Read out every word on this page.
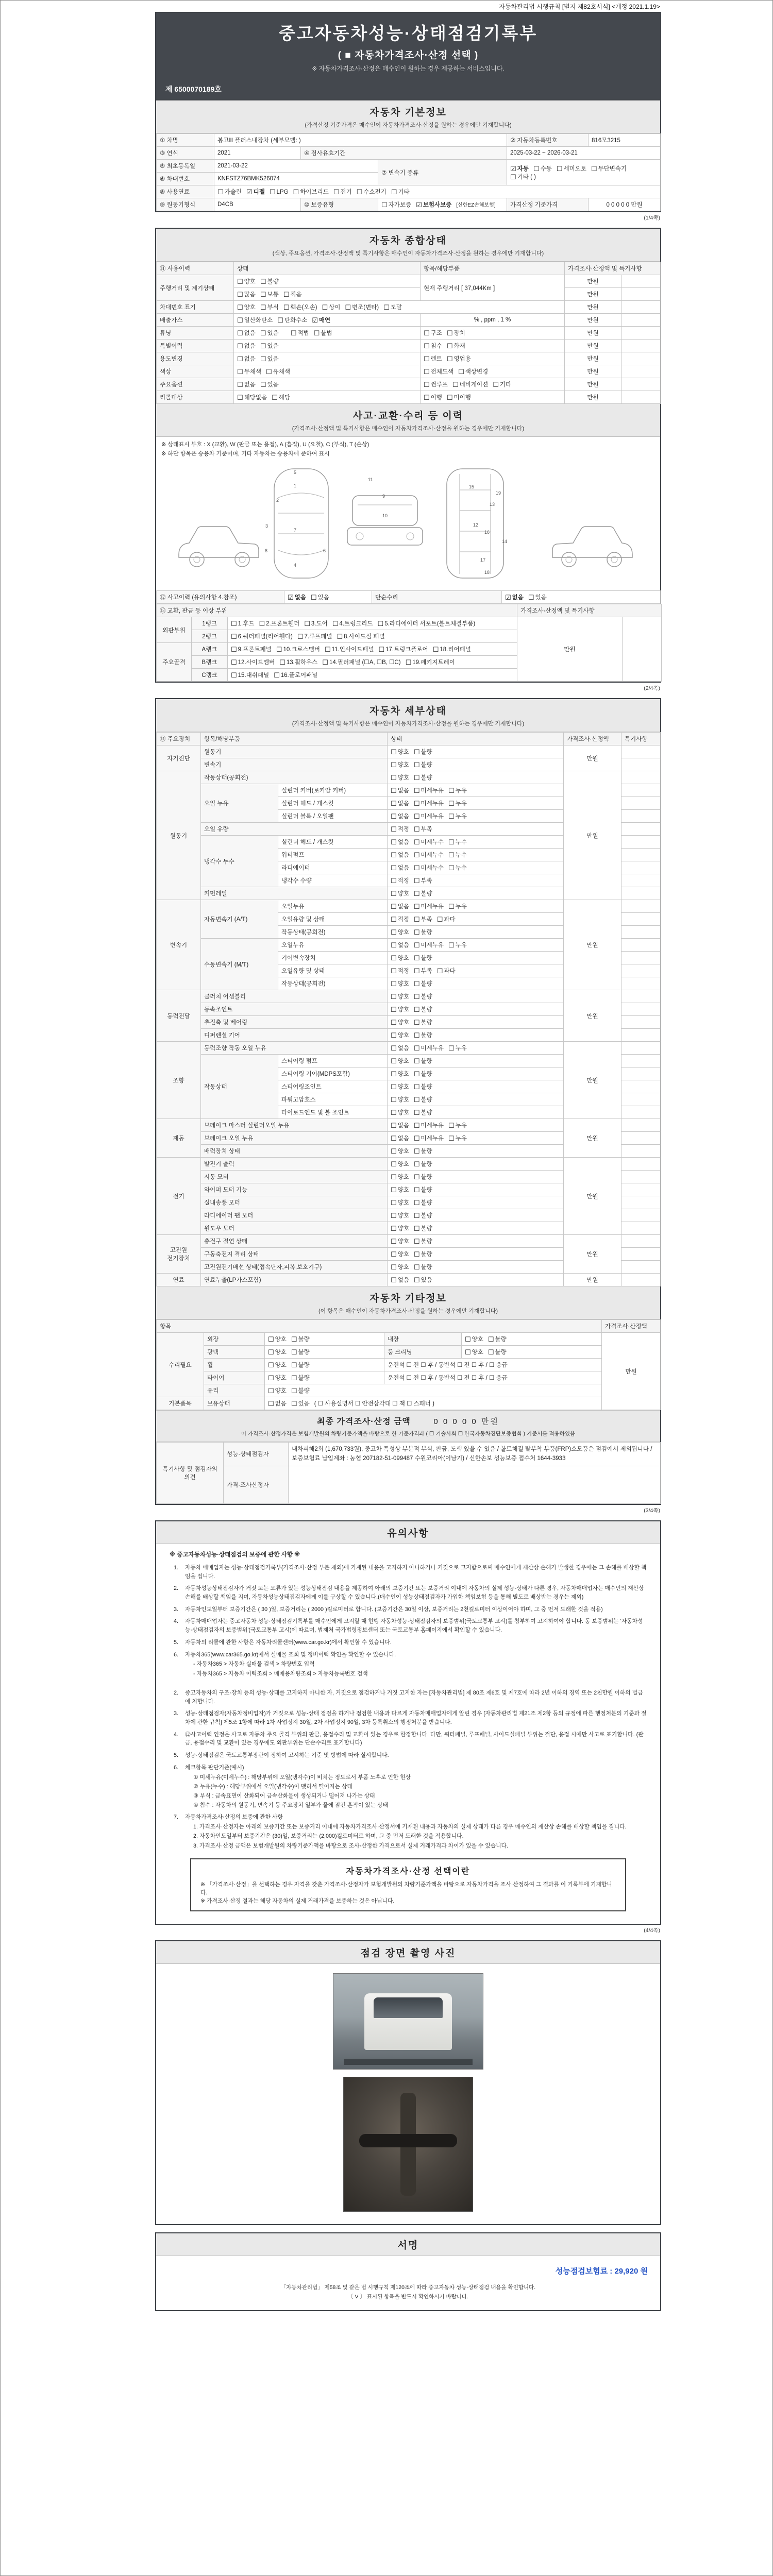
자동차관리법 시행규칙 [별지 제82호서식] <개정 2021.1.19>
중고자동차성능·상태점검기록부
( ■ 자동차가격조사·산정 선택 )
※ 자동차가격조사·산정은 매수인이 원하는 경우 제공하는 서비스입니다.
제 6500070189호
자동차 기본정보
(가격산정 기준가격은 매수인이 자동차가격조사·산정을 원하는 경우에만 기재합니다)
① 차명	봉고Ⅲ 플러스내장차 (세부모델: )			② 자동차등록번호	816모3215
③ 연식	2021	④ 검사유효기간		2025-03-22 ~ 2026-03-21	
⑤ 최초등록일	2021-03-22		⑦ 변속기 종류	☑ 자동 ☐ 수동 ☐ 세미오토 ☐ 무단변속기☐ 기타 ( )	
⑥ 차대번호	KNFSTZ76BMK526074				
⑧ 사용연료	☐ 가솔린 ☑ 디젤 ☐ LPG ☐ 하이브리드 ☐ 전기 ☐ 수소전기 ☐ 기타				
⑨ 원동기형식	D4CB	⑩ 보증유형	☐ 자가보증 ☑ 보험사보증 [신한EZ손해보험]	가격산정 기준가격	0 0 0 0 0 만원
(1/4쪽)
자동차 종합상태
(색상, 주요옵션, 가격조사·산정액 및 특기사항은 매수인이 자동차가격조사·산정을 원하는 경우에만 기재합니다)
⑪ 사용이력	상태	항목/해당부품	가격조사·산정액 및 특기사항	
주행거리 및 계기상태	☐ 양호 ☐ 불량	현재 주행거리 [ 37,044Km ]	만원	
	☐ 많음 ☐ 보통 ☐ 적음		만원	
차대번호 표기	☐ 양호 ☐ 부식 ☐ 훼손(오손) ☐ 상이 ☐ 변조(변타) ☐ 도말		만원	
배출가스	☐ 일산화탄소 ☐ 탄화수소 ☑ 매연	% , ppm , 1 %	만원	
튜닝	☐ 없음 ☐ 있음 ☐ 적법 ☐ 불법	☐ 구조 ☐ 장치	만원	
특별이력	☐ 없음 ☐ 있음	☐ 침수 ☐ 화재	만원	
용도변경	☐ 없음 ☐ 있음	☐ 렌트 ☐ 영업용	만원	
색상	☐ 무채색 ☐ 유채색	☐ 전체도색 ☐ 색상변경	만원	
주요옵션	☐ 없음 ☐ 있음	☐ 썬루프 ☐ 네비게이션 ☐ 기타	만원	
리콜대상	☐ 해당없음 ☐ 해당	☐ 이행 ☐ 미이행	만원	
사고·교환·수리 등 이력
(가격조사·산정액 및 특기사항은 매수인이 자동차가격조사·산정을 원하는 경우에만 기재합니다)
※ 상태표시 부호 : X (교환), W (판금 또는 용접), A (흠집), U (요철), C (부식), T (손상)
※ 하단 항목은 승용차 기준이며, 기타 자동차는 승용차에 준하여 표시
1
2
3
4
5
6
7
8
9
10
11
12
13
14
15
16
17
18
19
⑫ 사고이력 (유의사항 4.참조)	☑ 없음 ☐ 있음	단순수리	☑ 없음 ☐ 있음
⑬ 교환, 판금 등 이상 부위			가격조사·산정액 및 특기사항	
외판부위	1랭크	☐ 1.후드 ☐ 2.프론트휀더 ☐ 3.도어 ☐ 4.트렁크리드 ☐ 5.라디에이터 서포트(볼트체결부품)	만원	
	2랭크	☐ 6.쿼더패널(리어휀다) ☐ 7.루프패널 ☐ 8.사이드실 패널		
주요골격	A랭크	☐ 9.프론트패널 ☐ 10.크로스멤버 ☐ 11.인사이드패널 ☐ 17.트렁크플로어 ☐ 18.리어패널		
	B랭크	☐ 12.사이드멤버 ☐ 13.휠하우스 ☐ 14.필러패널 (☐A, ☐B, ☐C) ☐ 19.페키지트레이		
	C랭크	☐ 15.대쉬패널 ☐ 16.플로어패널		
(2/4쪽)
자동차 세부상태
(가격조사·산정액 및 특기사항은 매수인이 자동차가격조사·산정을 원하는 경우에만 기재합니다)
⑭ 주요장치	항목/해당부품		상태	가격조사·산정액	특기사항
자기진단	원동기		☐ 양호 ☐ 불량	만원	
	변속기		☐ 양호 ☐ 불량		
원동기	작동상태(공회전)		☐ 양호 ☐ 불량	만원	
	오일 누유	실린더 커버(로커암 커버)	☐ 없음 ☐ 미세누유 ☐ 누유		
		실린더 헤드 / 개스킷	☐ 없음 ☐ 미세누유 ☐ 누유		
		실린더 블록 / 오일팬	☐ 없음 ☐ 미세누유 ☐ 누유		
	오일 유량		☐ 적정 ☐ 부족		
	냉각수 누수	실린더 헤드 / 개스킷	☐ 없음 ☐ 미세누수 ☐ 누수		
		워터펌프	☐ 없음 ☐ 미세누수 ☐ 누수		
		라디에이터	☐ 없음 ☐ 미세누수 ☐ 누수		
		냉각수 수량	☐ 적정 ☐ 부족		
	커먼레일		☐ 양호 ☐ 불량		
변속기	자동변속기 (A/T)	오일누유	☐ 없음 ☐ 미세누유 ☐ 누유	만원	
		오일유량 및 상태	☐ 적정 ☐ 부족 ☐ 과다		
		작동상태(공회전)	☐ 양호 ☐ 불량		
	수동변속기 (M/T)	오일누유	☐ 없음 ☐ 미세누유 ☐ 누유		
		기어변속장치	☐ 양호 ☐ 불량		
		오일유량 및 상태	☐ 적정 ☐ 부족 ☐ 과다		
		작동상태(공회전)	☐ 양호 ☐ 불량		
동력전달	클러치 어셈블리		☐ 양호 ☐ 불량	만원	
	등속조인트		☐ 양호 ☐ 불량		
	추진축 및 베어링		☐ 양호 ☐ 불량		
	디퍼렌셜 기어		☐ 양호 ☐ 불량		
조향	동력조향 작동 오일 누유		☐ 없음 ☐ 미세누유 ☐ 누유	만원	
	작동상태	스티어링 펌프	☐ 양호 ☐ 불량		
		스티어링 기어(MDPS포함)	☐ 양호 ☐ 불량		
		스티어링조인트	☐ 양호 ☐ 불량		
		파워고압호스	☐ 양호 ☐ 불량		
		타이로드엔드 및 볼 조인트	☐ 양호 ☐ 불량		
제동	브레이크 마스터 실린더오일 누유		☐ 없음 ☐ 미세누유 ☐ 누유	만원	
	브레이크 오일 누유		☐ 없음 ☐ 미세누유 ☐ 누유		
	배력장치 상태		☐ 양호 ☐ 불량		
전기	발전기 출력		☐ 양호 ☐ 불량	만원	
	시동 모터		☐ 양호 ☐ 불량		
	와이퍼 모터 기능		☐ 양호 ☐ 불량		
	실내송풍 모터		☐ 양호 ☐ 불량		
	라디에이터 팬 모터		☐ 양호 ☐ 불량		
	윈도우 모터		☐ 양호 ☐ 불량		
고전원 전기장치	충전구 절연 상태		☐ 양호 ☐ 불량	만원	
	구동축전지 격리 상태		☐ 양호 ☐ 불량		
	고전원전기배선 상태(접속단자,피복,보호기구)		☐ 양호 ☐ 불량		
연료	연료누출(LP가스포함)		☐ 없음 ☐ 있음	만원	
자동차 기타정보
(이 항목은 매수인이 자동차가격조사·산정을 원하는 경우에만 기재합니다)
항목					가격조사·산정액
수리필요	외장	☐ 양호 ☐ 불량	내장	☐ 양호 ☐ 불량	만원
	광택	☐ 양호 ☐ 불량	룸 크리닝	☐ 양호 ☐ 불량	
	휠	☐ 양호 ☐ 불량	운전석 ☐ 전 ☐ 후 / 동반석 ☐ 전 ☐ 후 / ☐ 응급		
	타이어	☐ 양호 ☐ 불량	운전석 ☐ 전 ☐ 후 / 동반석 ☐ 전 ☐ 후 / ☐ 응급		
	유리	☐ 양호 ☐ 불량			
기본품목	보유상태	☐ 없음 ☐ 있음 ( ☐ 사용설명서 ☐ 안전삼각대 ☐ 잭 ☐ 스패너 )			
최종 가격조사·산정 금액	0 0 0 0 0 만원
이 가격조사·산정가격은 보험개발원의 차량기준가액을 바탕으로 한 기준가격과 ( ☐ 기술사회 ☐ 한국자동차진단보증협회 ) 기준서를 적용하였음
특기사항 및 점검자의 의견	성능·상태점검자	내차피해2회 (1,670,733원), 중고차 특성상 부분적 부식, 판금, 도색 있을 수 있음 / 볼트체결 탈부착 부품(FRP)소모품은 점검에서 제외됩니다 / 보증보험료 납입계좌 : 농협 207182-51-099487 수원코리아(이남기) / 신한손보 성능보증 접수처 1644-3933
	가격·조사산정자	
(3/4쪽)
유의사항
※ 중고자동차성능·상태점검의 보증에 관한 사항 ※
1.	자동차 매매업자는 성능·상태점검기록부(가격조사·산정 부분 제외)에 기재된 내용을 고지하지 아니하거나 거짓으로 고지함으로써 매수인에게 재산상 손해가 발생한 경우에는 그 손해를 배상할 책임을 집니다.
2.	자동차성능상태점검자가 거짓 또는 오류가 있는 성능상태점검 내용을 제공하여 아래의 보증기간 또는 보증거리 이내에 자동차의 실제 성능·상태가 다른 경우, 자동차매매업자는 매수인의 재산상 손해를 배상할 책임을 지며, 자동차성능상태점검자에게 이를 구상할 수 있습니다.(매수인이 성능상태점검자가 가입한 책임보험 등을 통해 별도로 배상받는 경우는 제외)
3.	자동차인도일부터 보증기간은 ( 30 )일, 보증거리는 ( 2000 )킬로미터로 합니다. (보증기간은 30일 이상, 보증거리는 2천킬로미터 이상이어야 하며, 그 중 먼저 도래한 것을 적용)
4.	자동차매매업자는 중고자동차 성능·상태점검기록부를 매수인에게 고지할 때 현행 자동차성능·상태점검자의 보증범위(국토교통부 고시)를 첨부하여 고지하여야 합니다. 동 보증범위는 '자동차성능·상태점검자의 보증범위'(국토교통부 고시)에 따르며, 법제처 국가법령정보센터 또는 국토교통부 홈페이지에서 확인할 수 있습니다.
5.	자동차의 리콜에 관한 사항은 자동차리콜센터(www.car.go.kr)에서 확인할 수 있습니다.
6.	자동차365(www.car365.go.kr)에서 실매물 조회 및 정비이력 확인을 확인할 수 있습니다.
- 자동차365 > 자동차 실매물 검색 > 차량번호 입력
- 자동차365 > 자동차 이력조회 > 매매용차량조회 > 자동차등록번호 검색
2.	중고자동차의 구조·장치 등의 성능·상태를 고지하지 아니한 자, 거짓으로 점검하거나 거짓 고지한 자는 [자동차관리법] 제 80조 제6호 및 제7호에 따라 2년 이하의 징역 또는 2천만원 이하의 벌금에 처합니다.
3.	성능·상태점검자(자동차정비업자)가 거짓으로 성능·상태 점검을 하거나 점검한 내용과 다르게 자동차매매업자에게 알린 경우 [자동차관리법 제21조 제2항 등의 규정에 따른 행정처분의 기준과 절차에 관한 규칙] 제5조 1항에 따라 1차 사업정지 30일, 2차 사업정지 90일, 3차 등록취소의 행정처분을 받습니다.
4.	⑫사고이력 인정은 사고로 자동차 주요 골격 부위의 판금, 용접수리 및 교환이 있는 경우로 한정합니다. 다만, 쿼터패널, 루프패널, 사이드실패널 부위는 절단, 용접 시에만 사고로 표기합니다. (판금, 용접수리 및 교환이 있는 경우에도 외판부위는 단순수리로 표기합니다)
5.	성능·상태점검은 국토교통부장관이 정하여 고시하는 기준 및 방법에 따라 실시합니다.
6.	체크항목 판단기준(예시)
① 미세누유(미세누수) : 해당부위에 오일(냉각수)이 비치는 정도로서 부품 노후로 인한 현상
② 누유(누수) : 해당부위에서 오일(냉각수)이 맺혀서 떨어지는 상태
③ 부식 : 금속표면이 산화되어 금속산화물이 생성되거나 떨어져 나가는 상태
④ 침수 : 자동차의 원동기, 변속기 등 주요장치 일부가 물에 잠긴 흔적이 있는 상태
7.	자동차가격조사·산정의 보증에 관한 사항
1. 가격조사·산정자는 아래의 보증기간 또는 보증거리 이내에 자동차가격조사·산정서에 기재된 내용과 자동차의 실제 상태가 다른 경우 매수인의 재산상 손해를 배상할 책임을 집니다.
2. 자동차인도일부터 보증기간은 (30)일, 보증거리는 (2,000)킬로미터로 하며, 그 중 먼저 도래한 것을 적용합니다.
3. 가격조사·산정 금액은 보험개발원의 차량기준가액을 바탕으로 조사·산정한 가격으로서 실제 거래가격과 차이가 있을 수 있습니다.
자동차가격조사·산정 선택이란
※ 「가격조사·산정」을 선택하는 경우 자격을 갖춘 가격조사·산정자가 보험개발원의 차량기준가액을 바탕으로 자동차가격을 조사·산정하여 그 결과를 이 기록부에 기재합니다.
※ 가격조사·산정 결과는 해당 자동차의 실제 거래가격을 보증하는 것은 아닙니다.
(4/4쪽)
점검 장면 촬영 사진
서명
성능점검보험료 : 29,920 원
「자동차관리법」 제58조 및 같은 법 시행규칙 제120조에 따라 중고자동차 성능·상태점검 내용을 확인합니다.
〔 V 〕 표시된 항목을 반드시 확인하시기 바랍니다.
